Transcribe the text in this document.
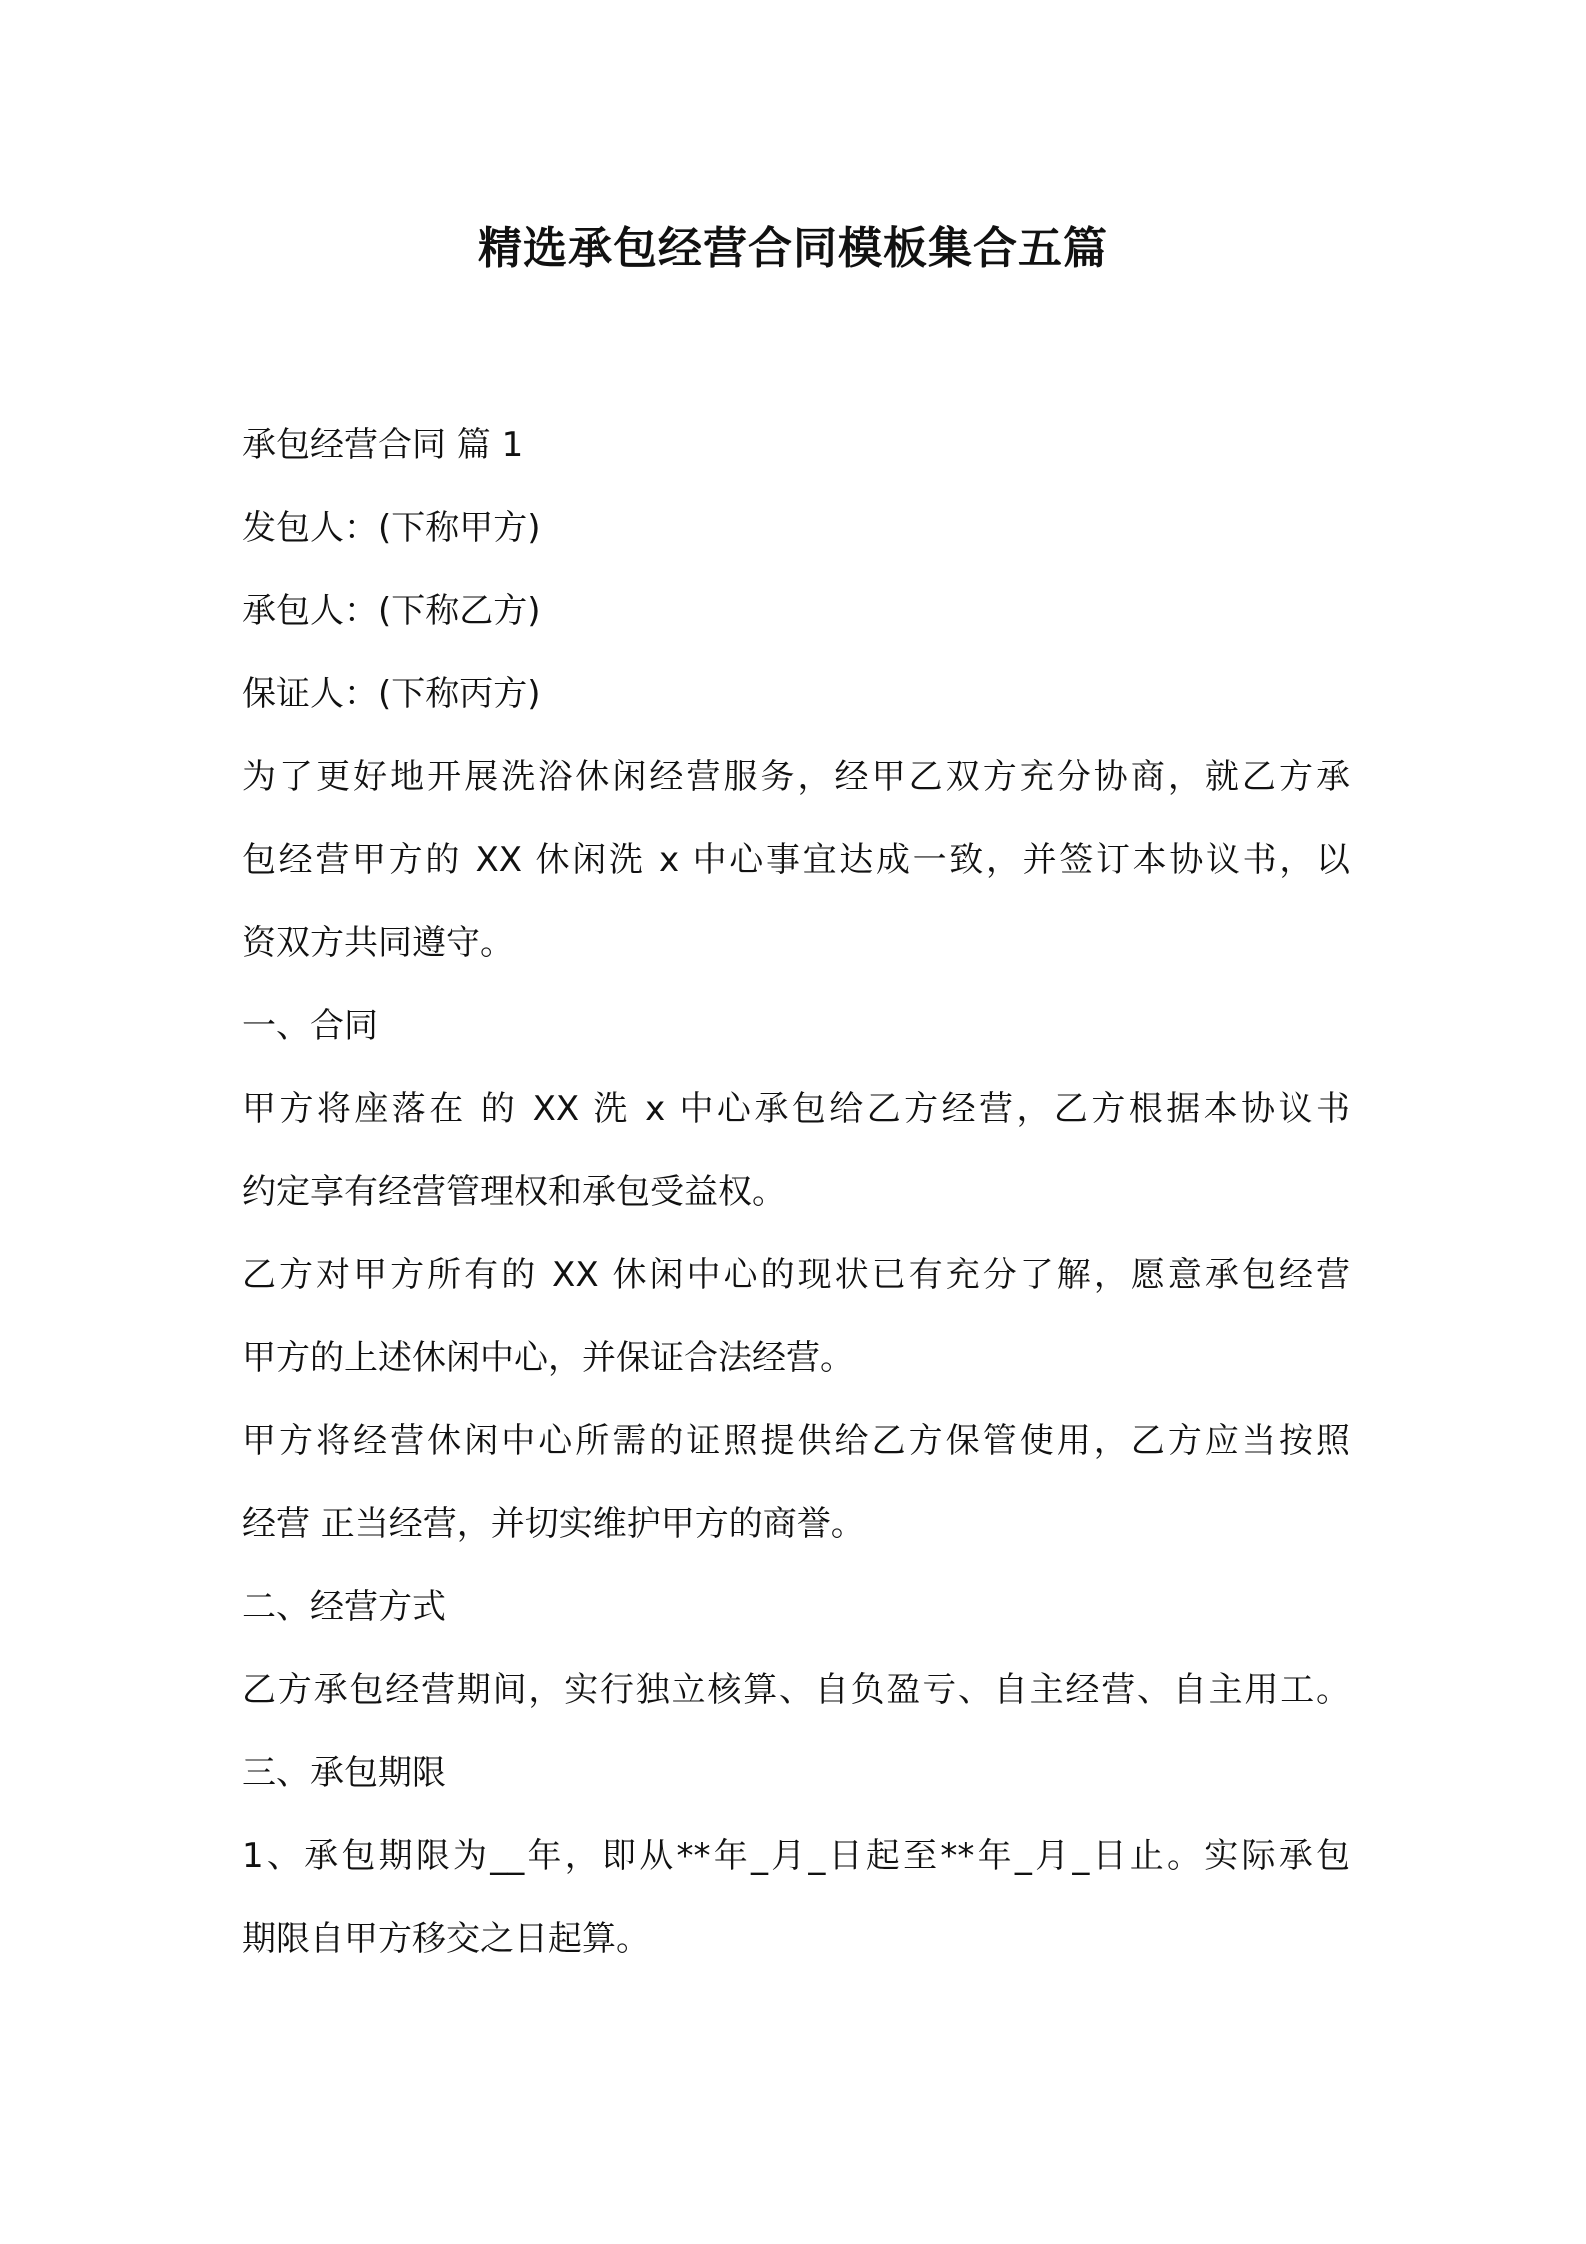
精选承包经营合同模板集合五篇
承包经营合同 篇 1
发包人：(下称甲方)
承包人：(下称乙方)
保证人：(下称丙方)
为了更好地开展洗浴休闲经营服务，经甲乙双方充分协商，就乙方承
包经营甲方的 XX 休闲洗 x 中心事宜达成一致，并签订本协议书，以
资双方共同遵守。
一、合同
甲方将座落在 的 XX 洗 x 中心承包给乙方经营，乙方根据本协议书
约定享有经营管理权和承包受益权。
乙方对甲方所有的 XX 休闲中心的现状已有充分了解，愿意承包经营
甲方的上述休闲中心，并保证合法经营。
甲方将经营休闲中心所需的证照提供给乙方保管使用，乙方应当按照
经营 正当经营，并切实维护甲方的商誉。
二、经营方式
乙方承包经营期间，实行独立核算、自负盈亏、自主经营、自主用工。
三、承包期限
1、承包期限为__年，即从**年_月_日起至**年_月_日止。实际承包
期限自甲方移交之日起算。
